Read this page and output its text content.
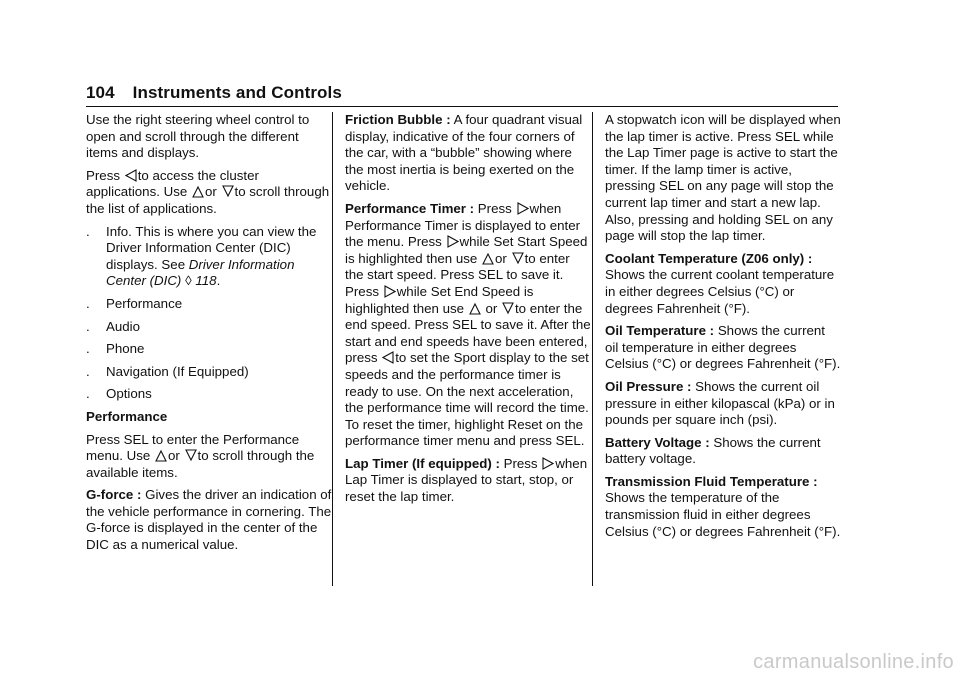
104 Instruments and Controls

Use the right steering wheel control to open and scroll through the different items and displays.

Press to access the cluster applications. Use or to scroll through the list of applications.

.	Info. This is where you can view the Driver Information Center (DIC) displays. See Driver Information Center (DIC) ◊ 118.
.	Performance
.	Audio
.	Phone
.	Navigation (If Equipped)
.	Options

Performance

Press SEL to enter the Performance menu. Use or to scroll through the available items.

G-force : Gives the driver an indication of the vehicle performance in cornering. The G-force is displayed in the center of the DIC as a numerical value.

Friction Bubble : A four quadrant visual display, indicative of the four corners of the car, with a “bubble” showing where the most inertia is being exerted on the vehicle.

Performance Timer : Press when Performance Timer is displayed to enter the menu. Press while Set Start Speed is highlighted then use or to enter the start speed. Press SEL to save it. Press while Set End Speed is highlighted then use or to enter the end speed. Press SEL to save it. After the start and end speeds have been entered, press to set the Sport display to the set speeds and the performance timer is ready to use. On the next acceleration, the performance time will record the time. To reset the timer, highlight Reset on the performance timer menu and press SEL.

Lap Timer (If equipped) : Press when Lap Timer is displayed to start, stop, or reset the lap timer.

A stopwatch icon will be displayed when the lap timer is active. Press SEL while the Lap Timer page is active to start the timer. If the lamp timer is active, pressing SEL on any page will stop the current lap timer and start a new lap. Also, pressing and holding SEL on any page will stop the lap timer.

Coolant Temperature (Z06 only) : Shows the current coolant temperature in either degrees Celsius (°C) or degrees Fahrenheit (°F).

Oil Temperature : Shows the current oil temperature in either degrees Celsius (°C) or degrees Fahrenheit (°F).

Oil Pressure : Shows the current oil pressure in either kilopascal (kPa) or in pounds per square inch (psi).

Battery Voltage : Shows the current battery voltage.

Transmission Fluid Temperature : Shows the temperature of the transmission fluid in either degrees Celsius (°C) or degrees Fahrenheit (°F).

carmanualsonline.info
